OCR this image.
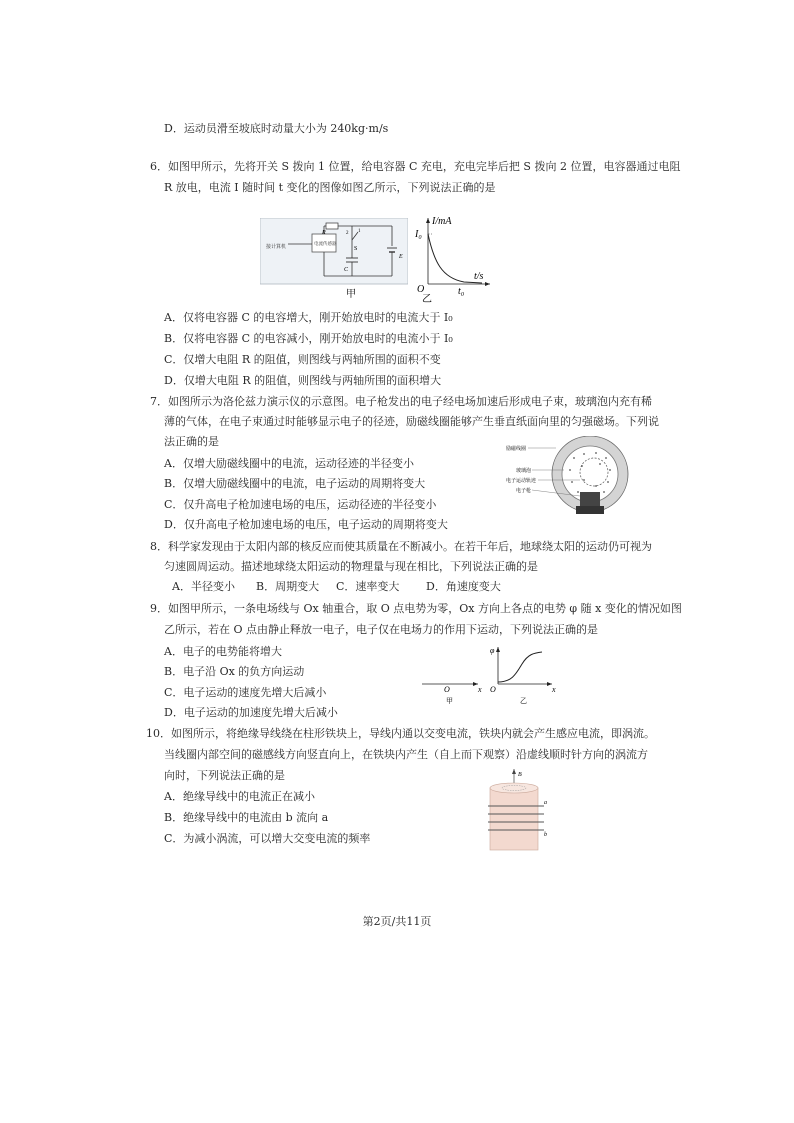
D．运动员滑至坡底时动量大小为 240kg·m/s
6．如图甲所示，先将开关 S 拨向 1 位置，给电容器 C 充电，充电完毕后把 S 拨向 2 位置，电容器通过电阻
R 放电，电流 I 随时间 t 变化的图像如图乙所示，下列说法正确的是
电流传感器
接计算机
R	2 1
S
C
E
甲
I/mA
t/s
O
I₀
t₀
乙
A．仅将电容器 C 的电容增大，刚开始放电时的电流大于 I₀
B．仅将电容器 C 的电容减小，刚开始放电时的电流小于 I₀
C．仅增大电阻 R 的阻值，则图线与两轴所围的面积不变
D．仅增大电阻 R 的阻值，则图线与两轴所围的面积增大
7．如图所示为洛伦兹力演示仪的示意图。电子枪发出的电子经电场加速后形成电子束，玻璃泡内充有稀
薄的气体，在电子束通过时能够显示电子的径迹，励磁线圈能够产生垂直纸面向里的匀强磁场。下列说
法正确的是
励磁线圈
玻璃泡
电子运动轨迹
电子枪
A．仅增大励磁线圈中的电流，运动径迹的半径变小
B．仅增大励磁线圈中的电流，电子运动的周期将变大
C．仅升高电子枪加速电场的电压，运动径迹的半径变小
D．仅升高电子枪加速电场的电压，电子运动的周期将变大
8．科学家发现由于太阳内部的核反应而使其质量在不断减小。在若干年后，地球绕太阳的运动仍可视为
匀速圆周运动。描述地球绕太阳运动的物理量与现在相比，下列说法正确的是
A．半径变小 B．周期变大 C．速率变大 D．角速度变大
9．如图甲所示，一条电场线与 Ox 轴重合，取 O 点电势为零，Ox 方向上各点的电势 φ 随 x 变化的情况如图
乙所示，若在 O 点由静止释放一电子，电子仅在电场力的作用下运动，下列说法正确的是
A．电子的电势能将增大
B．电子沿 Ox 的负方向运动
C．电子运动的速度先增大后减小
D．电子运动的加速度先增大后减小
O	x
甲
φ
O	x
乙
10．如图所示，将绝缘导线绕在柱形铁块上，导线内通以交变电流，铁块内就会产生感应电流，即涡流。
当线圈内部空间的磁感线方向竖直向上，在铁块内产生（自上而下观察）沿虚线顺时针方向的涡流方
向时，下列说法正确的是
A．绝缘导线中的电流正在减小
B．绝缘导线中的电流由 b 流向 a
C．为减小涡流，可以增大交变电流的频率
B
a
b
第2页/共11页
